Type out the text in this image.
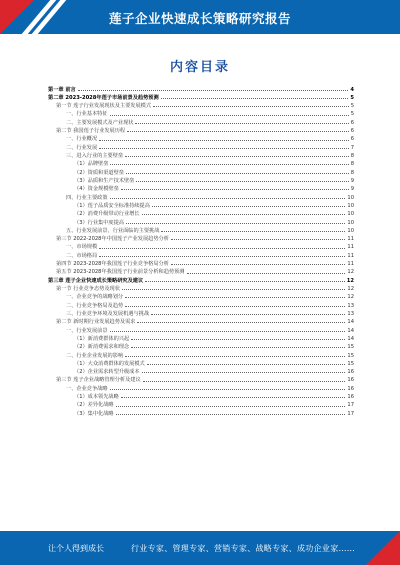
莲子企业快速成长策略研究报告
内容目录
第一章 前言	4
第二章 2023-2028年莲子市场前景及趋势预测	5
第一节 莲子行业发展现状及主要发展模式	5
一、行业基本特征	5
二、主要发展模式及产业现状	6
第二节 我国莲子行业发展历程	6
一、行业概况	6
二、行业发展	7
三、进入行业的主要壁垒	8
（1）品牌壁垒	8
（2）资质和渠道壁垒	8
（3）品质和生产技术壁垒	9
（4）资金规模壁垒	9
四、行业主要政策	10
（1）莲子品质安全标准持续提高	10
（2）消费升级带动行业增长	10
（3）行业集中度提高	10
五、行业发展前景、行业面临的主要挑战	10
第三节 2022-2028年中国莲子产业发展趋势分析	11
一、市场规模	11
二、市场格局	11
第四节 2023-2028年我国莲子行业竞争格局分析	11
第五节 2023-2028年我国莲子行业前景分析和趋势预测	12
第三章 莲子企业快速成长策略研究及建议	12
第一节 行业竞争态势及现状	12
一、企业竞争的战略划分	12
二、行业竞争格局及趋势	13
三、行业竞争环境及发展机遇与挑战	13
第二节 新时期行业发展趋势及需求	14
一、行业发展前景	14
（1）新消费群体的兴起	14
（2）新消费需求和理念	15
二、行业企业发展的影响	15
（1）大众消费群体的发展模式	15
（2）企业需求转型升级成本	16
第三节 莲子企业战略管理分析及建议	16
一、企业竞争战略	16
（1）成本领先战略	16
（2）差异化战略	17
（3）集中化战略	17
让个人得到成长	行业专家、管理专家、营销专家、战略专家、成功企业家……
